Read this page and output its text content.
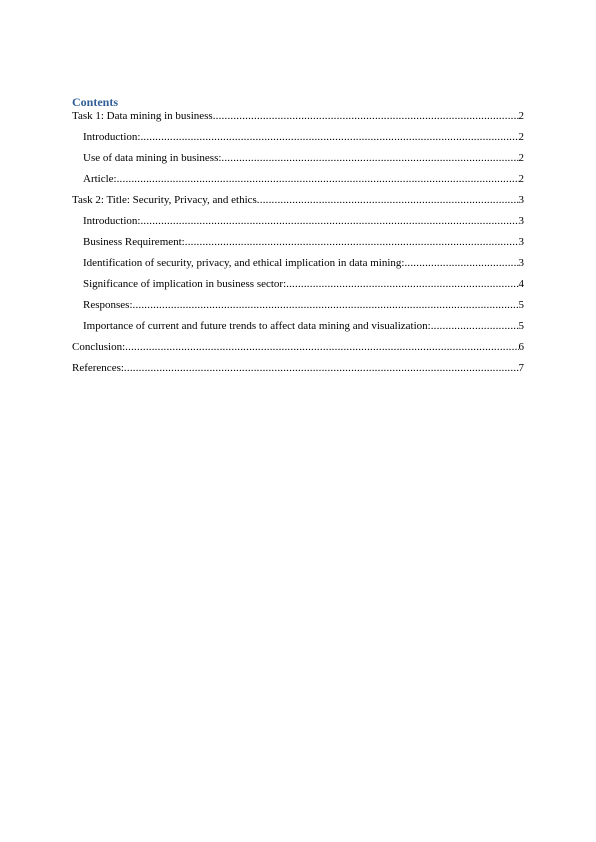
Contents
Task 1: Data mining in business .....	2
Introduction: .....	2
Use of data mining in business: .....	2
Article: .....	2
Task 2: Title: Security, Privacy, and ethics .....	3
Introduction: .....	3
Business Requirement: .....	3
Identification of security, privacy, and ethical implication in data mining: .....	3
Significance of implication in business sector: .....	4
Responses: .....	5
Importance of current and future trends to affect data mining and visualization: .....	5
Conclusion: .....	6
References: .....	7
